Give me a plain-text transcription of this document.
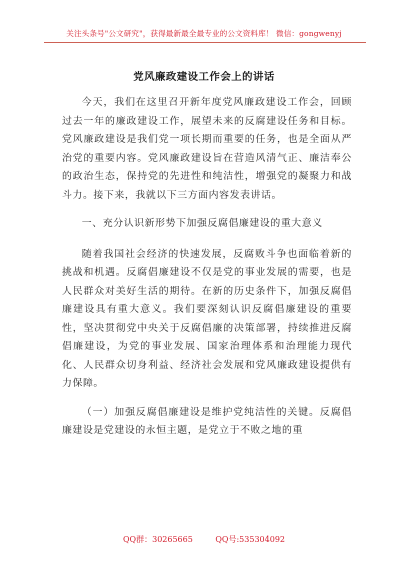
关注头条号"公文研究"，获得最新最全最专业的公文资料库！ 微信：gongwenyj
党风廉政建设工作会上的讲话

今天，我们在这里召开新年度党风廉政建设工作会，回顾过去一年的廉政建设工作，展望未来的反腐建设任务和目标。党风廉政建设是我们党一项长期而重要的任务，也是全面从严治党的重要内容。党风廉政建设旨在营造风清气正、廉洁奉公的政治生态，保持党的先进性和纯洁性，增强党的凝聚力和战斗力。接下来，我就以下三方面内容发表讲话。

一、充分认识新形势下加强反腐倡廉建设的重大意义

随着我国社会经济的快速发展，反腐败斗争也面临着新的挑战和机遇。反腐倡廉建设不仅是党的事业发展的需要，也是人民群众对美好生活的期待。在新的历史条件下，加强反腐倡廉建设具有重大意义。我们要深刻认识反腐倡廉建设的重要性，坚决贯彻党中央关于反腐倡廉的决策部署，持续推进反腐倡廉建设，为党的事业发展、国家治理体系和治理能力现代化、人民群众切身利益、经济社会发展和党风廉政建设提供有力保障。

（一）加强反腐倡廉建设是维护党纯洁性的关键。反腐倡廉建设是党建设的永恒主题，是党立于不败之地的重

QQ群：30265665	QQ号:535304092
